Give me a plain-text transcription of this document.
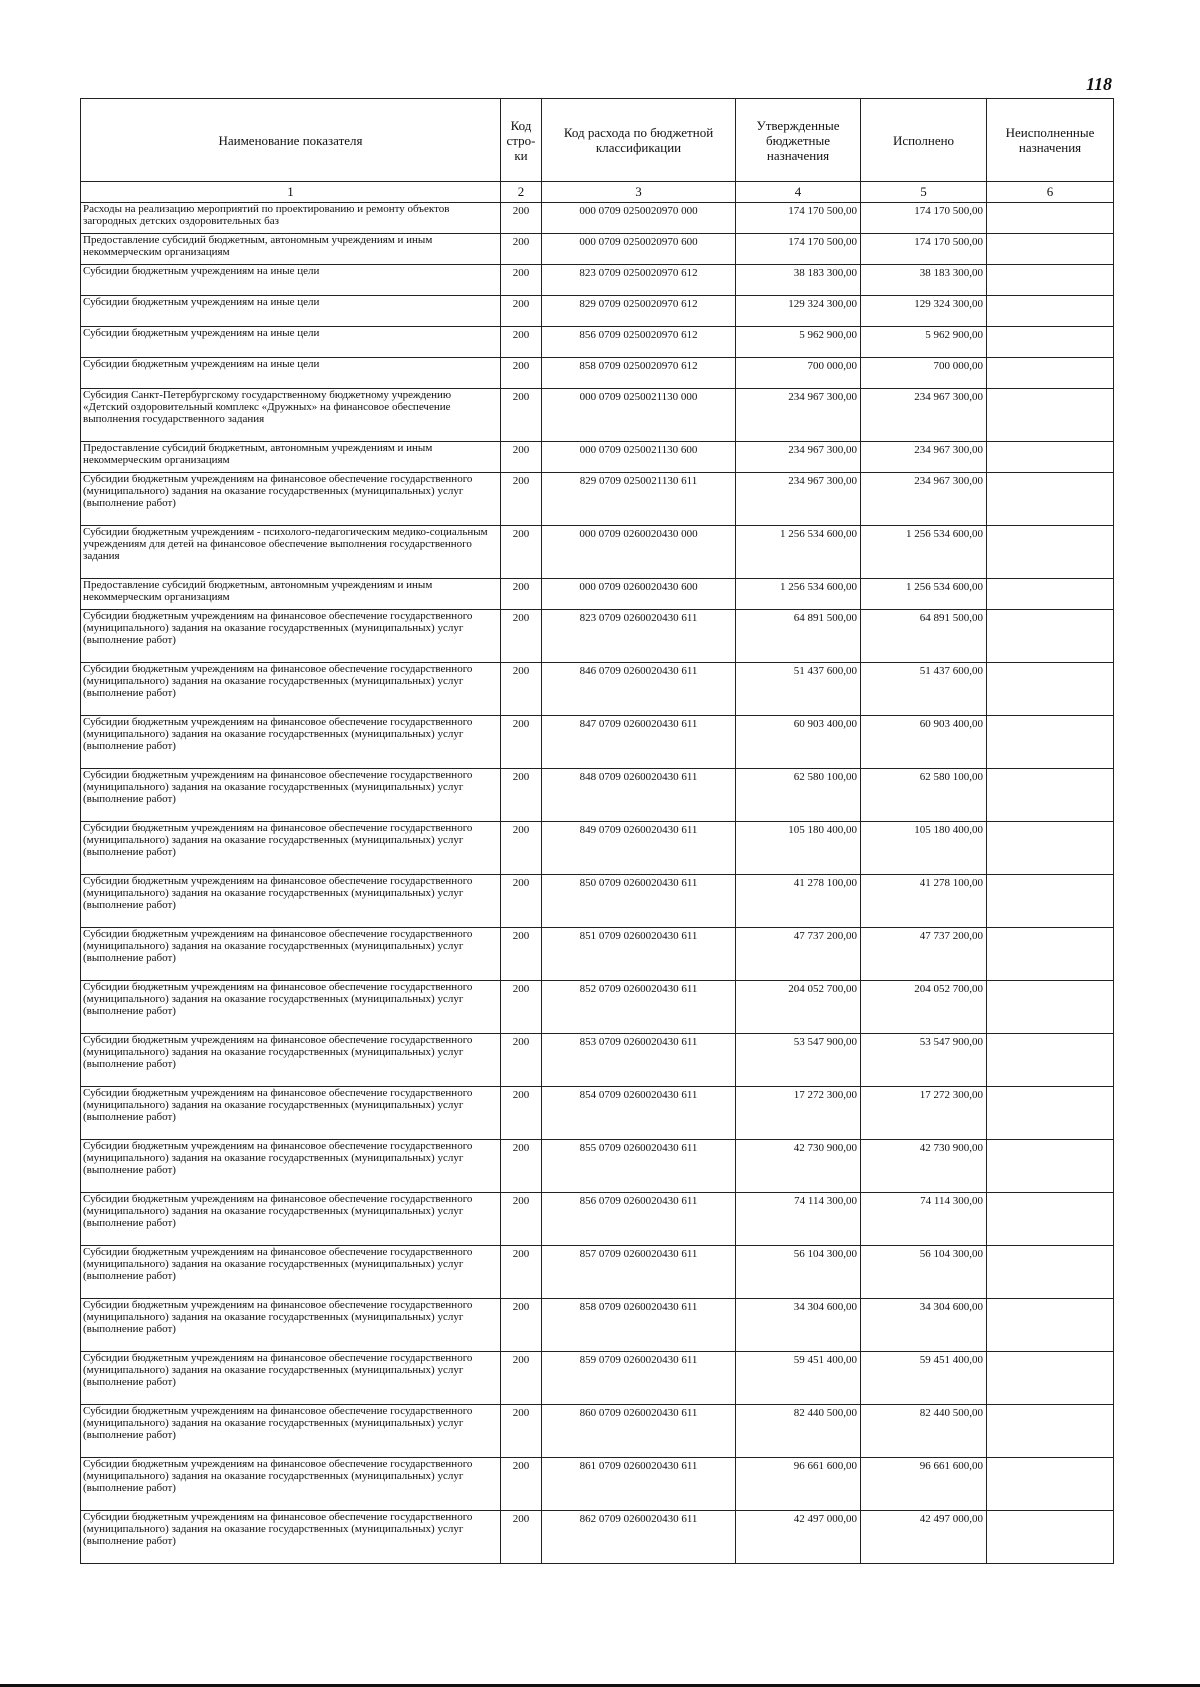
118
Наименование показателя	Код стро-ки	Код расхода по бюджетной классификации	Утвержденные бюджетные назначения	Исполнено	Неисполненные назначения
1	2	3	4	5	6
Расходы на реализацию мероприятий по проектированию и ремонту объектов загородных детских оздоровительных баз	200	000 0709 0250020970 000	174 170 500,00	174 170 500,00	
Предоставление субсидий бюджетным, автономным учреждениям и иным некоммерческим организациям	200	000 0709 0250020970 600	174 170 500,00	174 170 500,00	
Субсидии бюджетным учреждениям на иные цели	200	823 0709 0250020970 612	38 183 300,00	38 183 300,00	
Субсидии бюджетным учреждениям на иные цели	200	829 0709 0250020970 612	129 324 300,00	129 324 300,00	
Субсидии бюджетным учреждениям на иные цели	200	856 0709 0250020970 612	5 962 900,00	5 962 900,00	
Субсидии бюджетным учреждениям на иные цели	200	858 0709 0250020970 612	700 000,00	700 000,00	
Субсидия Санкт-Петербургскому государственному бюджетному учреждению «Детский оздоровительный комплекс «Дружных» на финансовое обеспечение выполнения государственного задания	200	000 0709 0250021130 000	234 967 300,00	234 967 300,00	
Предоставление субсидий бюджетным, автономным учреждениям и иным некоммерческим организациям	200	000 0709 0250021130 600	234 967 300,00	234 967 300,00	
Субсидии бюджетным учреждениям на финансовое обеспечение государственного (муниципального) задания на оказание государственных (муниципальных) услуг (выполнение работ)	200	829 0709 0250021130 611	234 967 300,00	234 967 300,00	
Субсидии бюджетным учреждениям - психолого-педагогическим медико-социальным учреждениям для детей на финансовое обеспечение выполнения государственного задания	200	000 0709 0260020430 000	1 256 534 600,00	1 256 534 600,00	
Предоставление субсидий бюджетным, автономным учреждениям и иным некоммерческим организациям	200	000 0709 0260020430 600	1 256 534 600,00	1 256 534 600,00	
Субсидии бюджетным учреждениям на финансовое обеспечение государственного (муниципального) задания на оказание государственных (муниципальных) услуг (выполнение работ)	200	823 0709 0260020430 611	64 891 500,00	64 891 500,00	
Субсидии бюджетным учреждениям на финансовое обеспечение государственного (муниципального) задания на оказание государственных (муниципальных) услуг (выполнение работ)	200	846 0709 0260020430 611	51 437 600,00	51 437 600,00	
Субсидии бюджетным учреждениям на финансовое обеспечение государственного (муниципального) задания на оказание государственных (муниципальных) услуг (выполнение работ)	200	847 0709 0260020430 611	60 903 400,00	60 903 400,00	
Субсидии бюджетным учреждениям на финансовое обеспечение государственного (муниципального) задания на оказание государственных (муниципальных) услуг (выполнение работ)	200	848 0709 0260020430 611	62 580 100,00	62 580 100,00	
Субсидии бюджетным учреждениям на финансовое обеспечение государственного (муниципального) задания на оказание государственных (муниципальных) услуг (выполнение работ)	200	849 0709 0260020430 611	105 180 400,00	105 180 400,00	
Субсидии бюджетным учреждениям на финансовое обеспечение государственного (муниципального) задания на оказание государственных (муниципальных) услуг (выполнение работ)	200	850 0709 0260020430 611	41 278 100,00	41 278 100,00	
Субсидии бюджетным учреждениям на финансовое обеспечение государственного (муниципального) задания на оказание государственных (муниципальных) услуг (выполнение работ)	200	851 0709 0260020430 611	47 737 200,00	47 737 200,00	
Субсидии бюджетным учреждениям на финансовое обеспечение государственного (муниципального) задания на оказание государственных (муниципальных) услуг (выполнение работ)	200	852 0709 0260020430 611	204 052 700,00	204 052 700,00	
Субсидии бюджетным учреждениям на финансовое обеспечение государственного (муниципального) задания на оказание государственных (муниципальных) услуг (выполнение работ)	200	853 0709 0260020430 611	53 547 900,00	53 547 900,00	
Субсидии бюджетным учреждениям на финансовое обеспечение государственного (муниципального) задания на оказание государственных (муниципальных) услуг (выполнение работ)	200	854 0709 0260020430 611	17 272 300,00	17 272 300,00	
Субсидии бюджетным учреждениям на финансовое обеспечение государственного (муниципального) задания на оказание государственных (муниципальных) услуг (выполнение работ)	200	855 0709 0260020430 611	42 730 900,00	42 730 900,00	
Субсидии бюджетным учреждениям на финансовое обеспечение государственного (муниципального) задания на оказание государственных (муниципальных) услуг (выполнение работ)	200	856 0709 0260020430 611	74 114 300,00	74 114 300,00	
Субсидии бюджетным учреждениям на финансовое обеспечение государственного (муниципального) задания на оказание государственных (муниципальных) услуг (выполнение работ)	200	857 0709 0260020430 611	56 104 300,00	56 104 300,00	
Субсидии бюджетным учреждениям на финансовое обеспечение государственного (муниципального) задания на оказание государственных (муниципальных) услуг (выполнение работ)	200	858 0709 0260020430 611	34 304 600,00	34 304 600,00	
Субсидии бюджетным учреждениям на финансовое обеспечение государственного (муниципального) задания на оказание государственных (муниципальных) услуг (выполнение работ)	200	859 0709 0260020430 611	59 451 400,00	59 451 400,00	
Субсидии бюджетным учреждениям на финансовое обеспечение государственного (муниципального) задания на оказание государственных (муниципальных) услуг (выполнение работ)	200	860 0709 0260020430 611	82 440 500,00	82 440 500,00	
Субсидии бюджетным учреждениям на финансовое обеспечение государственного (муниципального) задания на оказание государственных (муниципальных) услуг (выполнение работ)	200	861 0709 0260020430 611	96 661 600,00	96 661 600,00	
Субсидии бюджетным учреждениям на финансовое обеспечение государственного (муниципального) задания на оказание государственных (муниципальных) услуг (выполнение работ)	200	862 0709 0260020430 611	42 497 000,00	42 497 000,00	
